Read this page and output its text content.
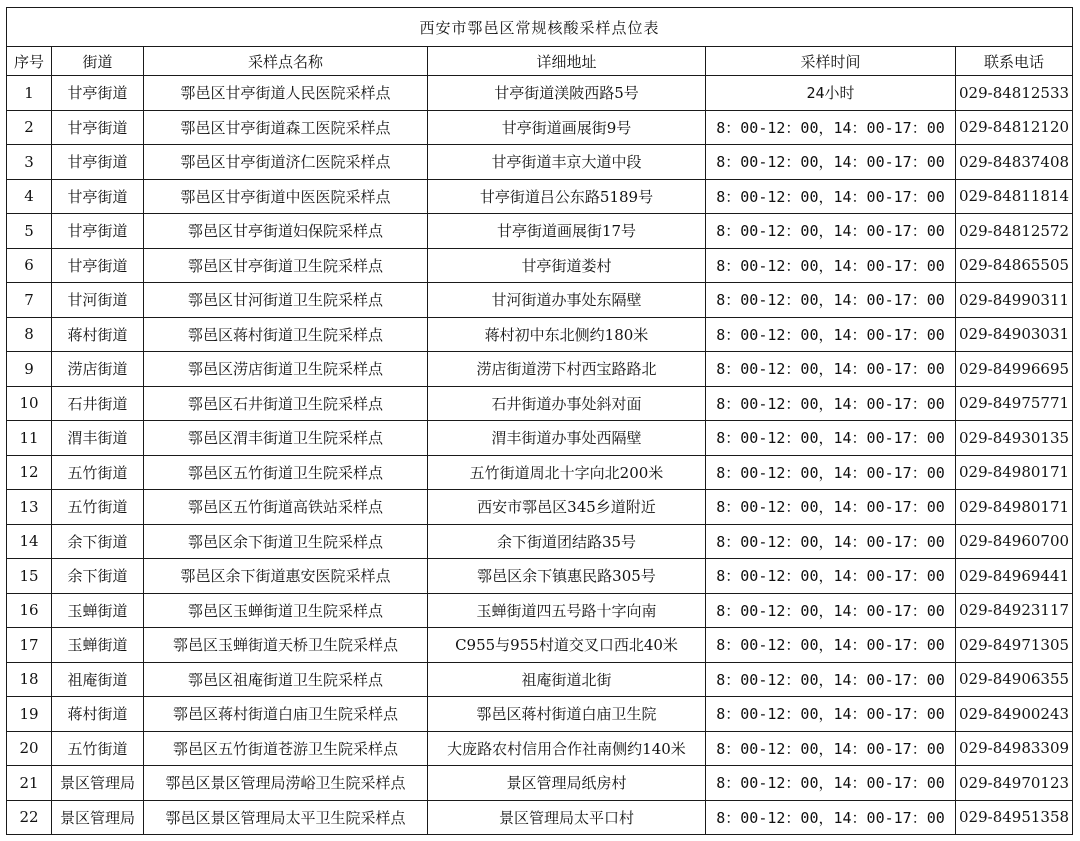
西安市鄠邑区常规核酸采样点位表					
序号	街道	采样点名称	详细地址	采样时间	联系电话
1	甘亭街道	鄠邑区甘亭街道人民医院采样点	甘亭街道渼陂西路5号	24小时	029-84812533
2	甘亭街道	鄠邑区甘亭街道森工医院采样点	甘亭街道画展街9号	8：00-12：00，14：00-17：00	029-84812120
3	甘亭街道	鄠邑区甘亭街道济仁医院采样点	甘亭街道丰京大道中段	8：00-12：00，14：00-17：00	029-84837408
4	甘亭街道	鄠邑区甘亭街道中医医院采样点	甘亭街道吕公东路5189号	8：00-12：00，14：00-17：00	029-84811814
5	甘亭街道	鄠邑区甘亭街道妇保院采样点	甘亭街道画展街17号	8：00-12：00，14：00-17：00	029-84812572
6	甘亭街道	鄠邑区甘亭街道卫生院采样点	甘亭街道娄村	8：00-12：00，14：00-17：00	029-84865505
7	甘河街道	鄠邑区甘河街道卫生院采样点	甘河街道办事处东隔壁	8：00-12：00，14：00-17：00	029-84990311
8	蒋村街道	鄠邑区蒋村街道卫生院采样点	蒋村初中东北侧约180米	8：00-12：00，14：00-17：00	029-84903031
9	涝店街道	鄠邑区涝店街道卫生院采样点	涝店街道涝下村西宝路路北	8：00-12：00，14：00-17：00	029-84996695
10	石井街道	鄠邑区石井街道卫生院采样点	石井街道办事处斜对面	8：00-12：00，14：00-17：00	029-84975771
11	渭丰街道	鄠邑区渭丰街道卫生院采样点	渭丰街道办事处西隔壁	8：00-12：00，14：00-17：00	029-84930135
12	五竹街道	鄠邑区五竹街道卫生院采样点	五竹街道周北十字向北200米	8：00-12：00，14：00-17：00	029-84980171
13	五竹街道	鄠邑区五竹街道高铁站采样点	西安市鄠邑区345乡道附近	8：00-12：00，14：00-17：00	029-84980171
14	余下街道	鄠邑区余下街道卫生院采样点	余下街道团结路35号	8：00-12：00，14：00-17：00	029-84960700
15	余下街道	鄠邑区余下街道惠安医院采样点	鄠邑区余下镇惠民路305号	8：00-12：00，14：00-17：00	029-84969441
16	玉蝉街道	鄠邑区玉蝉街道卫生院采样点	玉蝉街道四五号路十字向南	8：00-12：00，14：00-17：00	029-84923117
17	玉蝉街道	鄠邑区玉蝉街道天桥卫生院采样点	C955与955村道交叉口西北40米	8：00-12：00，14：00-17：00	029-84971305
18	祖庵街道	鄠邑区祖庵街道卫生院采样点	祖庵街道北街	8：00-12：00，14：00-17：00	029-84906355
19	蒋村街道	鄠邑区蒋村街道白庙卫生院采样点	鄠邑区蒋村街道白庙卫生院	8：00-12：00，14：00-17：00	029-84900243
20	五竹街道	鄠邑区五竹街道苍游卫生院采样点	大庞路农村信用合作社南侧约140米	8：00-12：00，14：00-17：00	029-84983309
21	景区管理局	鄠邑区景区管理局涝峪卫生院采样点	景区管理局纸房村	8：00-12：00，14：00-17：00	029-84970123
22	景区管理局	鄠邑区景区管理局太平卫生院采样点	景区管理局太平口村	8：00-12：00，14：00-17：00	029-84951358
